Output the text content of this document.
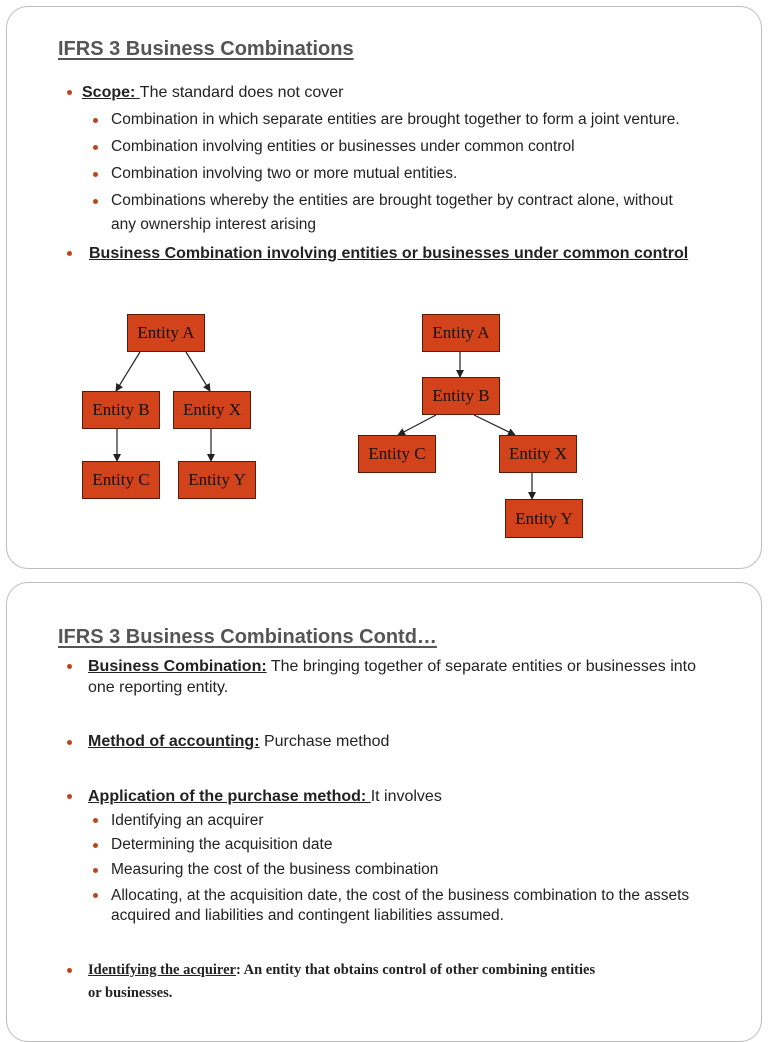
IFRS 3 Business Combinations
Scope: The standard does not cover
Combination in which separate entities are brought together to form a joint venture.
Combination involving entities or businesses under common control
Combination involving two or more mutual entities.
Combinations whereby the entities are brought together by contract alone, without
any ownership interest arising
Business Combination involving entities or businesses under common control
Entity A
Entity B	Entity X
Entity C	Entity Y
Entity A
Entity B
Entity C	Entity X
Entity Y
IFRS 3 Business Combinations Contd…
Business Combination: The bringing together of separate entities or businesses into
one reporting entity.
Method of accounting: Purchase method
Application of the purchase method: It involves
Identifying an acquirer
Determining the acquisition date
Measuring the cost of the business combination
Allocating, at the acquisition date, the cost of the business combination to the assets
acquired and liabilities and contingent liabilities assumed.
Identifying the acquirer: An entity that obtains control of other combining entities
or businesses.
